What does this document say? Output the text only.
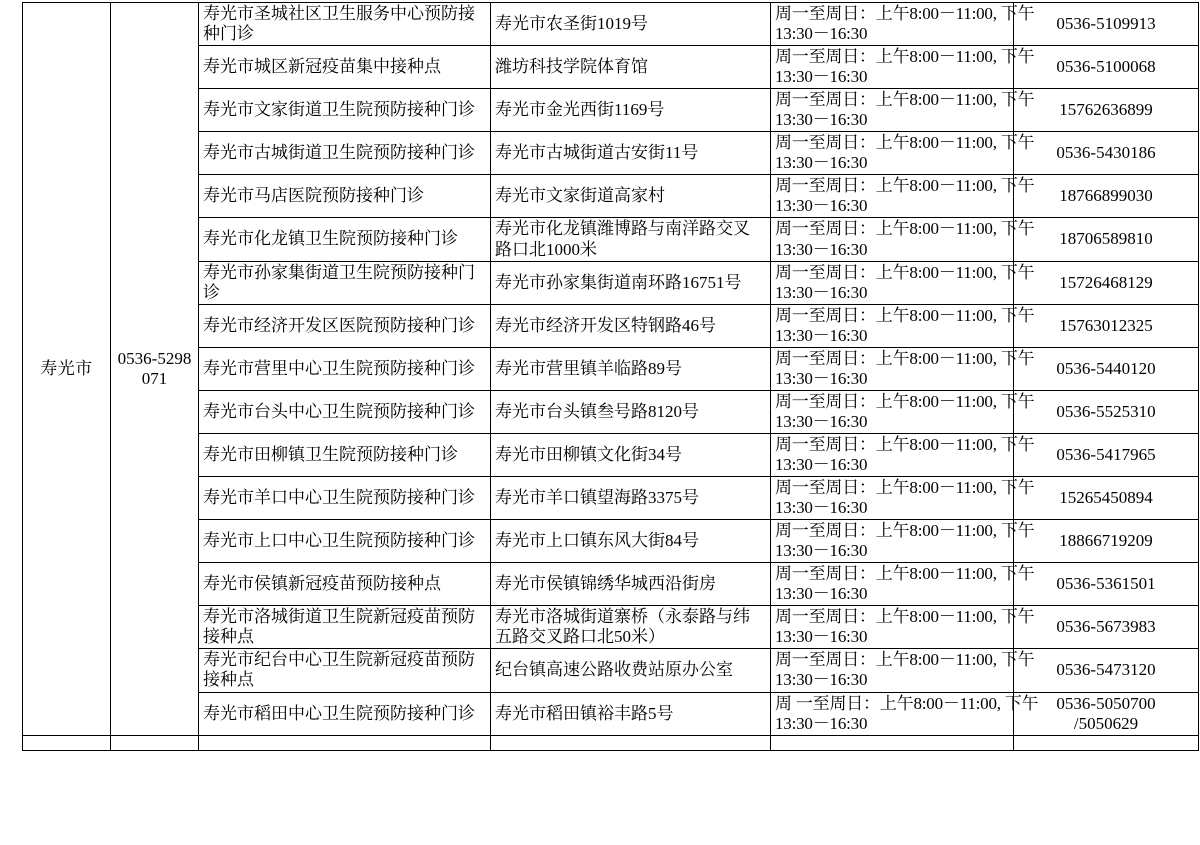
寿光市	0536-5298071	寿光市圣城社区卫生服务中心预防接种门诊	寿光市农圣街1019号	周一至周日：上午8:00－11:00, 下午
13:30－16:30	0536-5109913
		寿光市城区新冠疫苗集中接种点	潍坊科技学院体育馆	周一至周日：上午8:00－11:00, 下午
13:30－16:30	0536-5100068
		寿光市文家街道卫生院预防接种门诊	寿光市金光西街1169号	周一至周日：上午8:00－11:00, 下午
13:30－16:30	15762636899
		寿光市古城街道卫生院预防接种门诊	寿光市古城街道古安街11号	周一至周日：上午8:00－11:00, 下午
13:30－16:30	0536-5430186
		寿光市马店医院预防接种门诊	寿光市文家街道高家村	周一至周日：上午8:00－11:00, 下午
13:30－16:30	18766899030
		寿光市化龙镇卫生院预防接种门诊	寿光市化龙镇潍博路与南洋路交叉路口北1000米	周一至周日：上午8:00－11:00, 下午
13:30－16:30	18706589810
		寿光市孙家集街道卫生院预防接种门诊	寿光市孙家集街道南环路16751号	周一至周日：上午8:00－11:00, 下午
13:30－16:30	15726468129
		寿光市经济开发区医院预防接种门诊	寿光市经济开发区特钢路46号	周一至周日：上午8:00－11:00, 下午
13:30－16:30	15763012325
		寿光市营里中心卫生院预防接种门诊	寿光市营里镇羊临路89号	周一至周日：上午8:00－11:00, 下午
13:30－16:30	0536-5440120
		寿光市台头中心卫生院预防接种门诊	寿光市台头镇叁号路8120号	周一至周日：上午8:00－11:00, 下午
13:30－16:30	0536-5525310
		寿光市田柳镇卫生院预防接种门诊	寿光市田柳镇文化街34号	周一至周日：上午8:00－11:00, 下午
13:30－16:30	0536-5417965
		寿光市羊口中心卫生院预防接种门诊	寿光市羊口镇望海路3375号	周一至周日：上午8:00－11:00, 下午
13:30－16:30	15265450894
		寿光市上口中心卫生院预防接种门诊	寿光市上口镇东风大街84号	周一至周日：上午8:00－11:00, 下午
13:30－16:30	18866719209
		寿光市侯镇新冠疫苗预防接种点	寿光市侯镇锦绣华城西沿街房	周一至周日：上午8:00－11:00, 下午
13:30－16:30	0536-5361501
		寿光市洛城街道卫生院新冠疫苗预防接种点	寿光市洛城街道寨桥（永泰路与纬五路交叉路口北50米）	周一至周日：上午8:00－11:00, 下午
13:30－16:30	0536-5673983
		寿光市纪台中心卫生院新冠疫苗预防接种点	纪台镇高速公路收费站原办公室	周一至周日：上午8:00－11:00, 下午
13:30－16:30	0536-5473120
		寿光市稻田中心卫生院预防接种门诊	寿光市稻田镇裕丰路5号	周 一至周日：上午8:00－11:00, 下午
13:30－16:30	0536-5050700
/5050629
